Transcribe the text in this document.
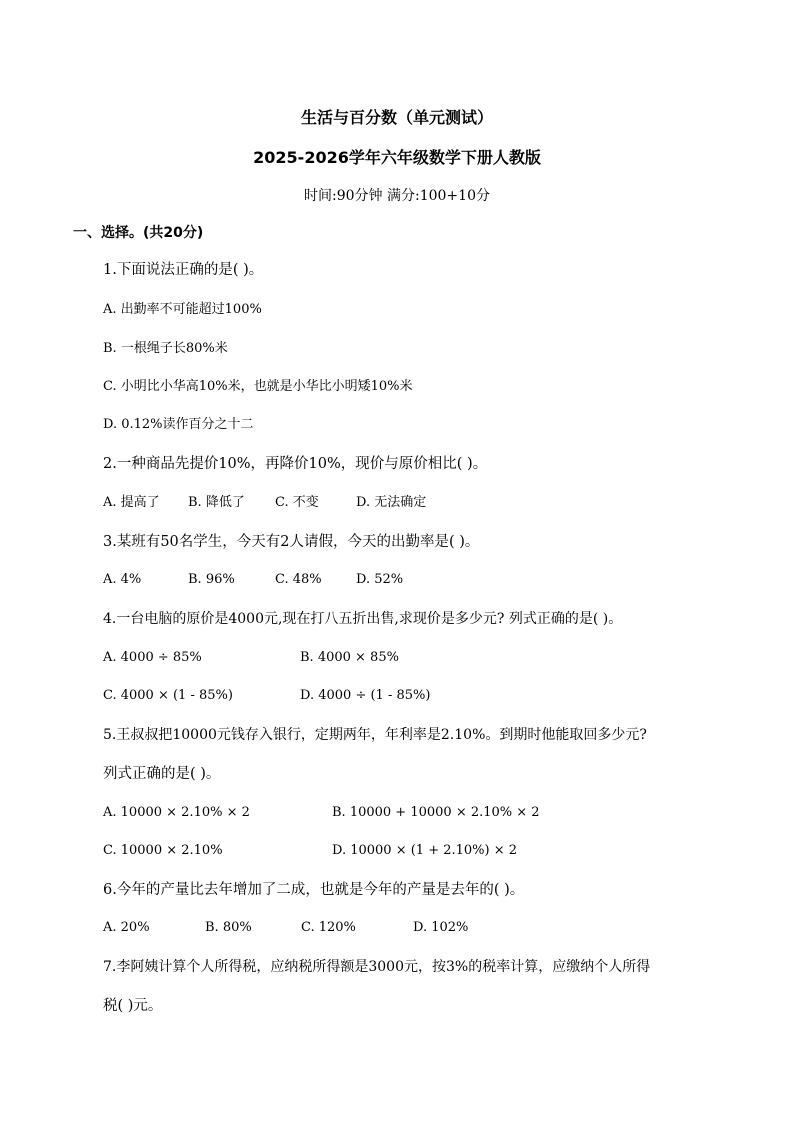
生活与百分数（单元测试）
2025-2026学年六年级数学下册人教版
时间:90分钟 满分:100+10分
一、选择。(共20分)
1.下面说法正确的是( )。
A. 出勤率不可能超过100%
B. 一根绳子长80%米
C. 小明比小华高10%米，也就是小华比小明矮10%米
D. 0.12%读作百分之十二
2.一种商品先提价10%，再降价10%，现价与原价相比( )。
A. 提高了 B. 降低了 C. 不变	D. 无法确定
3.某班有50名学生，今天有2人请假，今天的出勤率是( )。
A. 4%	B. 96%	C. 48%	D. 52%
4.一台电脑的原价是4000元,现在打八五折出售,求现价是多少元? 列式正确的是( )。
A. 4000 ÷ 85%	B. 4000 × 85%
C. 4000 × (1 - 85%)	D. 4000 ÷ (1 - 85%)
5.王叔叔把10000元钱存入银行，定期两年，年利率是2.10%。到期时他能取回多少元?
列式正确的是( )。
A. 10000 × 2.10% × 2	B. 10000 + 10000 × 2.10% × 2
C. 10000 × 2.10%	D. 10000 × (1 + 2.10%) × 2
6.今年的产量比去年增加了二成，也就是今年的产量是去年的( )。
A. 20%	B. 80%	C. 120%	D. 102%
7.李阿姨计算个人所得税，应纳税所得额是3000元，按3%的税率计算，应缴纳个人所得
税( )元。
